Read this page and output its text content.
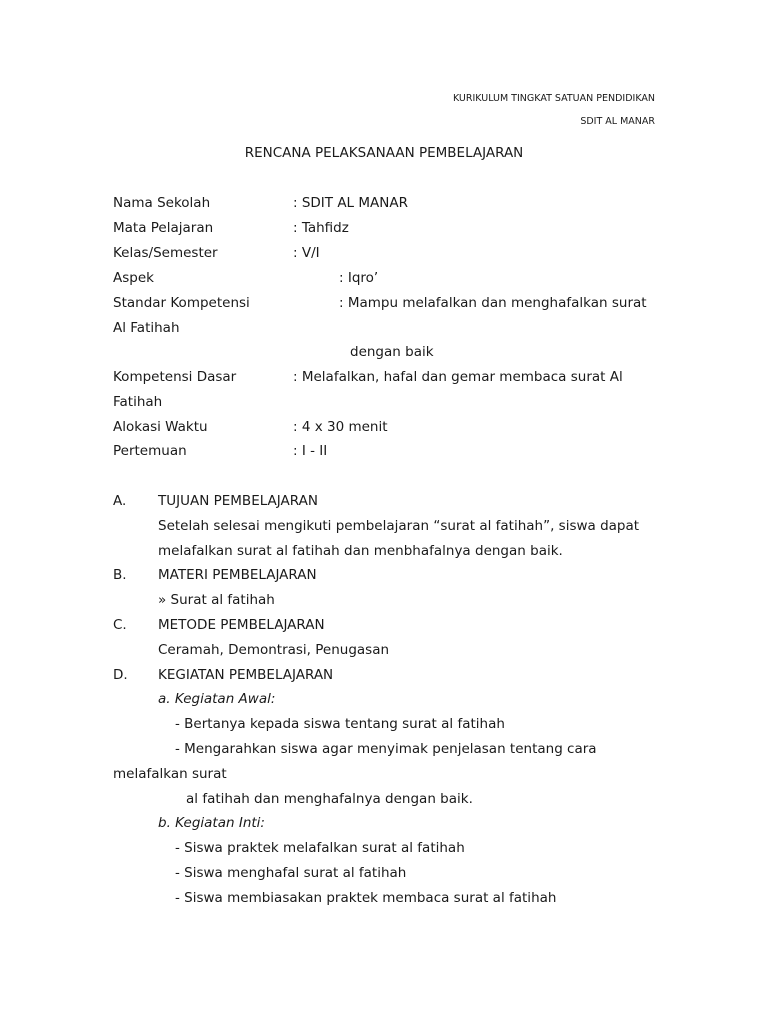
KURIKULUM TINGKAT SATUAN PENDIDIKAN
SDIT AL MANAR
RENCANA PELAKSANAAN PEMBELAJARAN
Nama Sekolah	: SDIT AL MANAR
Mata Pelajaran	: Tahfidz
Kelas/Semester	: V/I
Aspek	: Iqro’
Standar Kompetensi	: Mampu melafalkan dan menghafalkan surat
Al Fatihah
dengan baik
Kompetensi Dasar	: Melafalkan, hafal dan gemar membaca surat Al
Fatihah
Alokasi Waktu	: 4 x 30 menit
Pertemuan	: I - II
A. TUJUAN PEMBELAJARAN
Setelah selesai mengikuti pembelajaran “surat al fatihah”, siswa dapat
melafalkan surat al fatihah dan menbhafalnya dengan baik.
B. MATERI PEMBELAJARAN
» Surat al fatihah
C. METODE PEMBELAJARAN
Ceramah, Demontrasi, Penugasan
D. KEGIATAN PEMBELAJARAN
a. Kegiatan Awal:
- Bertanya kepada siswa tentang surat al fatihah
- Mengarahkan siswa agar menyimak penjelasan tentang cara
melafalkan surat
al fatihah dan menghafalnya dengan baik.
b. Kegiatan Inti:
- Siswa praktek melafalkan surat al fatihah
- Siswa menghafal surat al fatihah
- Siswa membiasakan praktek membaca surat al fatihah
